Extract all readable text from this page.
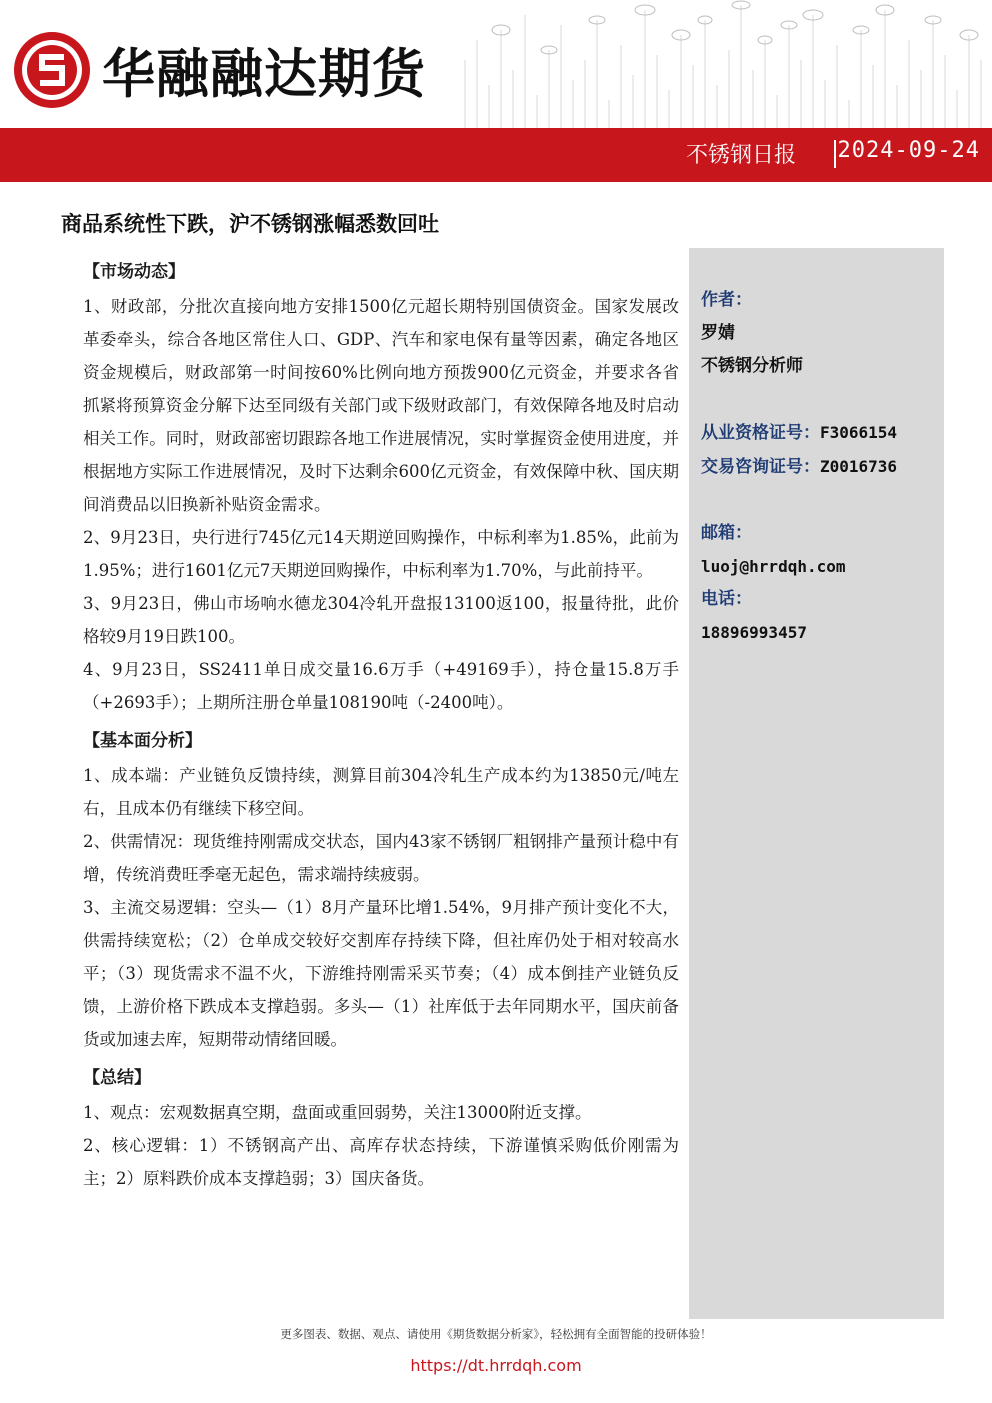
华融融达期货
不锈钢日报 2024-09-24
商品系统性下跌，沪不锈钢涨幅悉数回吐
【市场动态】

1、财政部，分批次直接向地方安排1500亿元超长期特别国债资金。国家发展改革委牵头，综合各地区常住人口、GDP、汽车和家电保有量等因素，确定各地区资金规模后，财政部第一时间按60%比例向地方预拨900亿元资金，并要求各省抓紧将预算资金分解下达至同级有关部门或下级财政部门，有效保障各地及时启动相关工作。同时，财政部密切跟踪各地工作进展情况，实时掌握资金使用进度，并根据地方实际工作进展情况，及时下达剩余600亿元资金，有效保障中秋、国庆期间消费品以旧换新补贴资金需求。

2、9月23日，央行进行745亿元14天期逆回购操作，中标利率为1.85%，此前为1.95%；进行1601亿元7天期逆回购操作，中标利率为1.70%，与此前持平。

3、9月23日，佛山市场响水德龙304冷轧开盘报13100返100，报量待批，此价格较9月19日跌100。

4、9月23日，SS2411单日成交量16.6万手（+49169手），持仓量15.8万手（+2693手）；上期所注册仓单量108190吨（-2400吨）。

【基本面分析】

1、成本端：产业链负反馈持续，测算目前304冷轧生产成本约为13850元/吨左右，且成本仍有继续下移空间。

2、供需情况：现货维持刚需成交状态，国内43家不锈钢厂粗钢排产量预计稳中有增，传统消费旺季毫无起色，需求端持续疲弱。

3、主流交易逻辑：空头—（1）8月产量环比增1.54%，9月排产预计变化不大，供需持续宽松；（2）仓单成交较好交割库存持续下降，但社库仍处于相对较高水平；（3）现货需求不温不火，下游维持刚需采买节奏；（4）成本倒挂产业链负反馈，上游价格下跌成本支撑趋弱。多头—（1）社库低于去年同期水平，国庆前备货或加速去库，短期带动情绪回暖。

【总结】

1、观点：宏观数据真空期，盘面或重回弱势，关注13000附近支撑。

2、核心逻辑：1）不锈钢高产出、高库存状态持续，下游谨慎采购低价刚需为主；2）原料跌价成本支撑趋弱；3）国庆备货。

作者：
罗婧
不锈钢分析师
从业资格证号：F3066154
交易咨询证号：Z0016736
邮箱：
luoj@hrrdqh.com
电话：
18896993457
更多图表、数据、观点、请使用《期货数据分析家》，轻松拥有全面智能的投研体验！
https://dt.hrrdqh.com
